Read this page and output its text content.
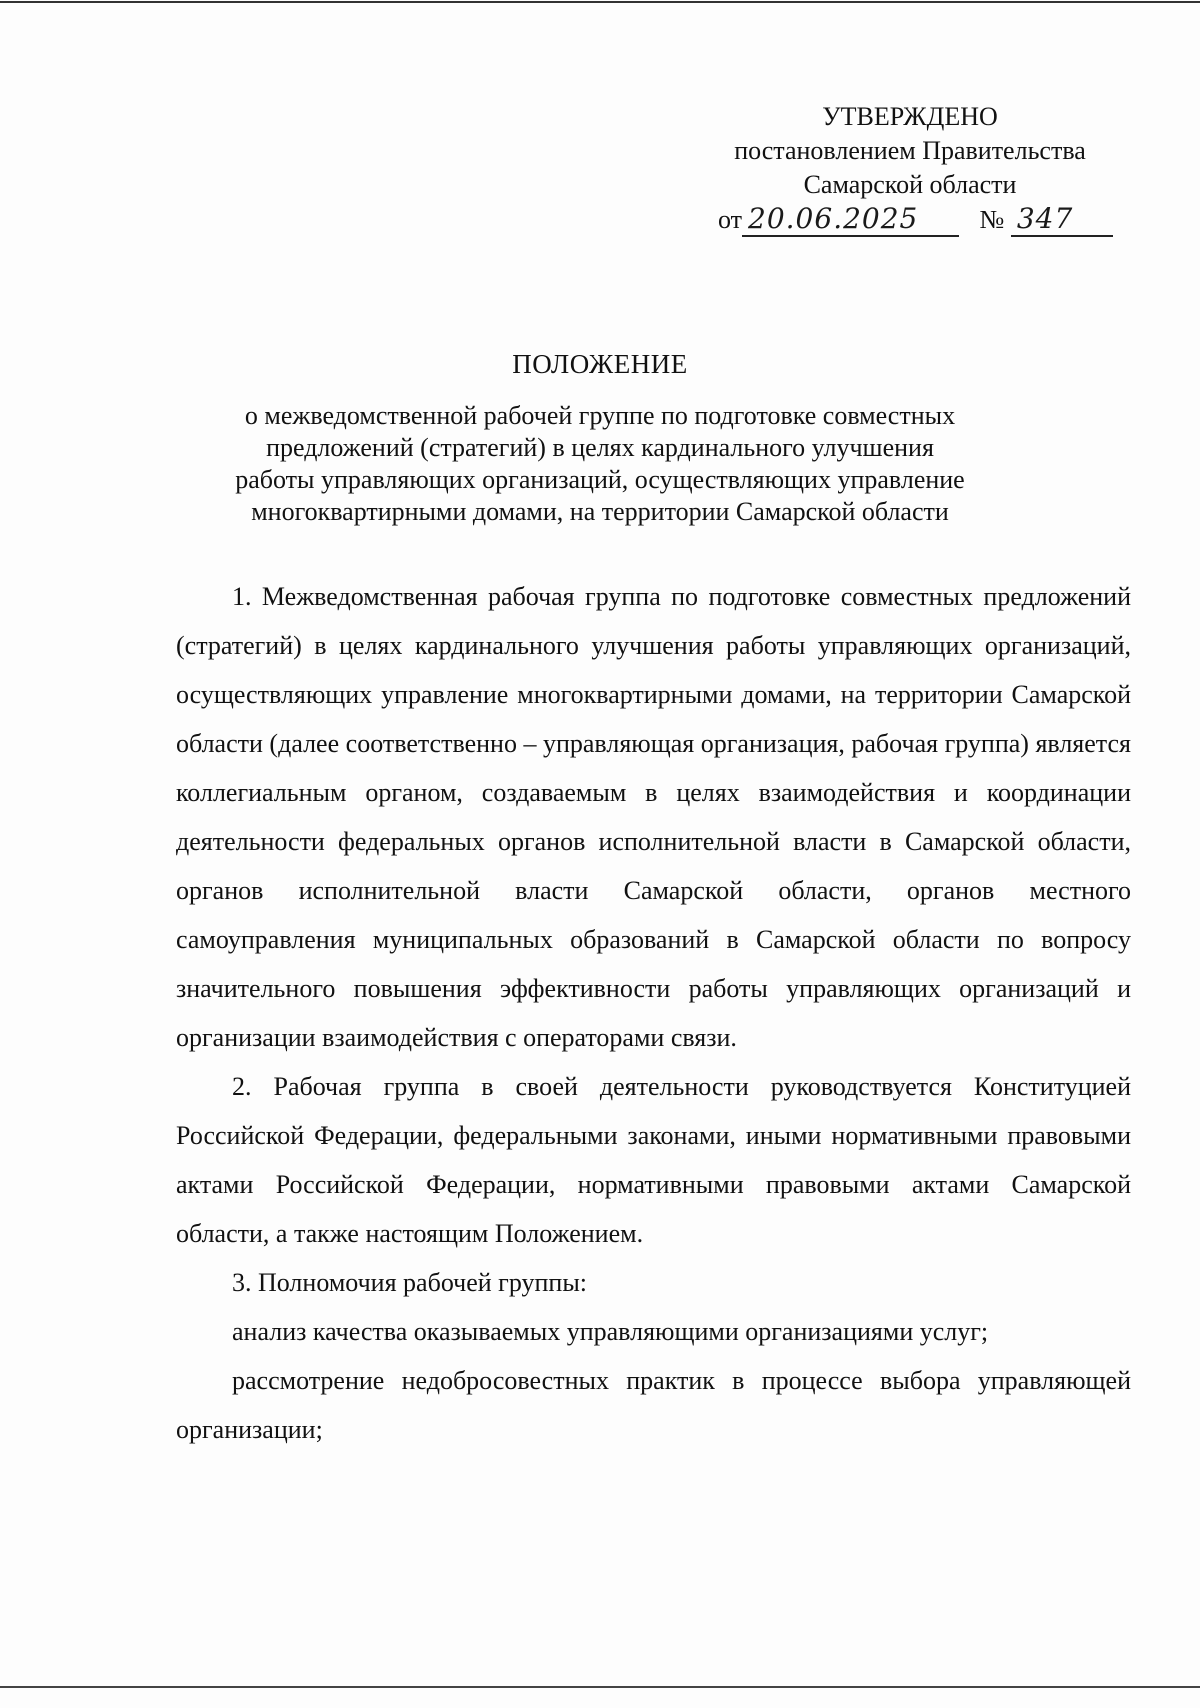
УТВЕРЖДЕНО
постановлением Правительства
Самарской области
от 20.06.2025 № 347
ПОЛОЖЕНИЕ
о межведомственной рабочей группе по подготовке совместных
предложений (стратегий) в целях кардинального улучшения
работы управляющих организаций, осуществляющих управление
многоквартирными домами, на территории Самарской области

1. Межведомственная рабочая группа по подготовке совместных предложений (стратегий) в целях кардинального улучшения работы управляющих организаций, осуществляющих управление многоквартирными домами, на территории Самарской области (далее соответственно – управляющая организация, рабочая группа) является коллегиальным органом, создаваемым в целях взаимодействия и координации деятельности федеральных органов исполнительной власти в Самарской области, органов исполнительной власти Самарской области, органов местного самоуправления муниципальных образований в Самарской области по вопросу значительного повышения эффективности работы управляющих организаций и организации взаимодействия с операторами связи.

2. Рабочая группа в своей деятельности руководствуется Конституцией Российской Федерации, федеральными законами, иными нормативными правовыми актами Российской Федерации, нормативными правовыми актами Самарской области, а также настоящим Положением.

3. Полномочия рабочей группы:

анализ качества оказываемых управляющими организациями услуг;

рассмотрение недобросовестных практик в процессе выбора управляющей организации;
